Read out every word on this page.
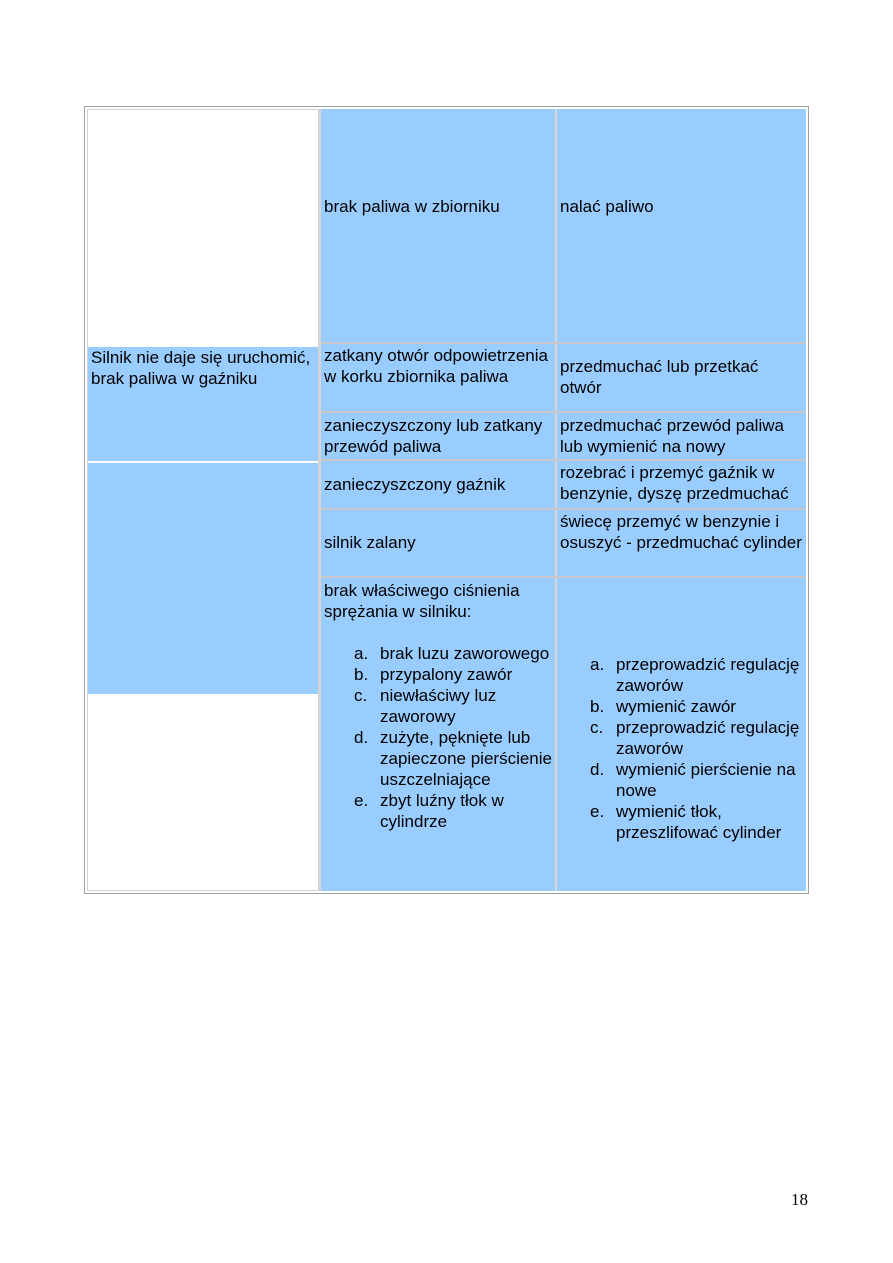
Silnik nie daje się uruchomić, brak paliwa w gaźniku
brak paliwa w zbiorniku	nalać paliwo
zatkany otwór odpowietrzenia w korku zbiornika paliwa
przedmuchać lub przetkać otwór
zanieczyszczony lub zatkany przewód paliwa
przedmuchać przewód paliwa lub wymienić na nowy
zanieczyszczony gaźnik
rozebrać i przemyć gaźnik w benzynie, dyszę przedmuchać
silnik zalany
świecę przemyć w benzynie i osuszyć - przedmuchać cylinder
brak właściwego ciśnienia sprężania w silniku:
a. brak luzu zaworowego
b. przypalony zawór
c. niewłaściwy luz zaworowy
d. zużyte, pęknięte lub zapieczone pierścienie uszczelniające
e. zbyt luźny tłok w cylindrze
a. przeprowadzić regulację zaworów
b. wymienić zawór
c. przeprowadzić regulację zaworów
d. wymienić pierścienie na nowe
e. wymienić tłok, przeszlifować cylinder
18
